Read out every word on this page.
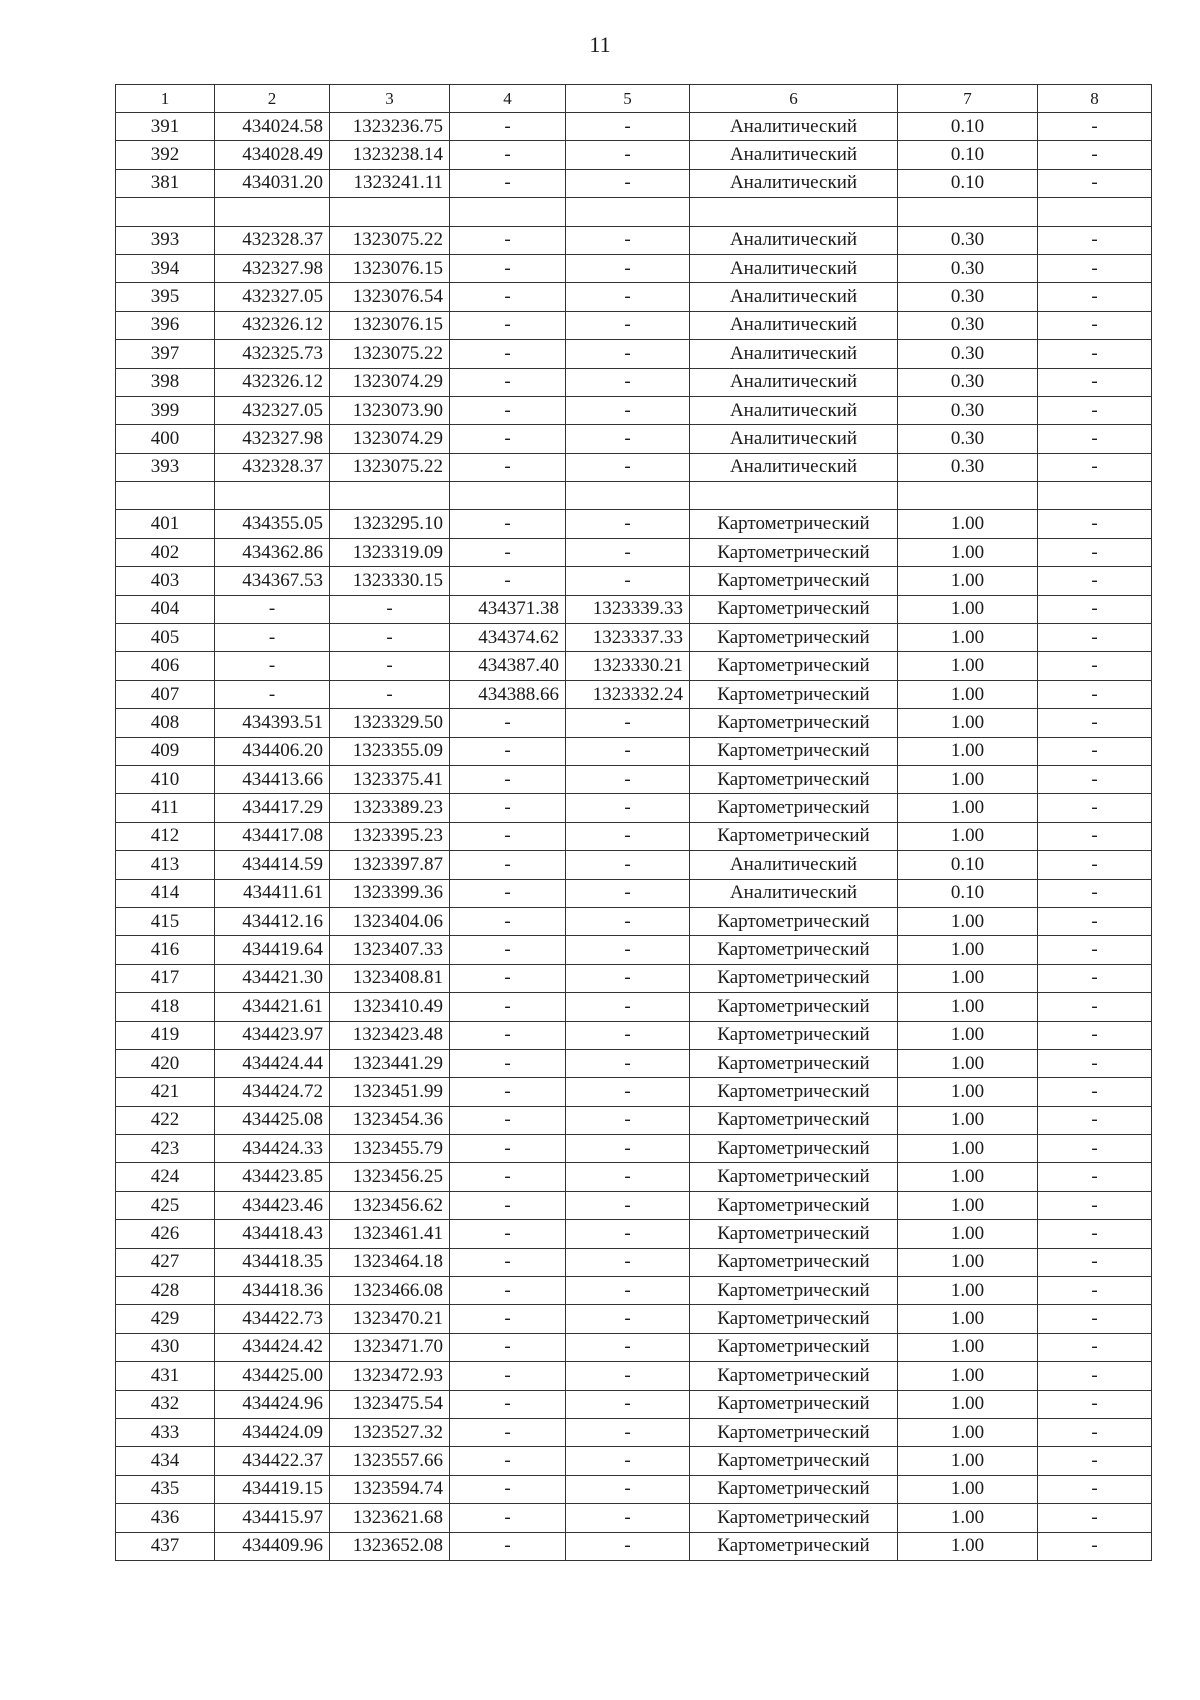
11
1	2	3	4	5	6	7	8
391	434024.58	1323236.75	-	-	Аналитический	0.10	-
392	434028.49	1323238.14	-	-	Аналитический	0.10	-
381	434031.20	1323241.11	-	-	Аналитический	0.10	-

393	432328.37	1323075.22	-	-	Аналитический	0.30	-
394	432327.98	1323076.15	-	-	Аналитический	0.30	-
395	432327.05	1323076.54	-	-	Аналитический	0.30	-
396	432326.12	1323076.15	-	-	Аналитический	0.30	-
397	432325.73	1323075.22	-	-	Аналитический	0.30	-
398	432326.12	1323074.29	-	-	Аналитический	0.30	-
399	432327.05	1323073.90	-	-	Аналитический	0.30	-
400	432327.98	1323074.29	-	-	Аналитический	0.30	-
393	432328.37	1323075.22	-	-	Аналитический	0.30	-

401	434355.05	1323295.10	-	-	Картометрический	1.00	-
402	434362.86	1323319.09	-	-	Картометрический	1.00	-
403	434367.53	1323330.15	-	-	Картометрический	1.00	-
404	-	-	434371.38	1323339.33	Картометрический	1.00	-
405	-	-	434374.62	1323337.33	Картометрический	1.00	-
406	-	-	434387.40	1323330.21	Картометрический	1.00	-
407	-	-	434388.66	1323332.24	Картометрический	1.00	-
408	434393.51	1323329.50	-	-	Картометрический	1.00	-
409	434406.20	1323355.09	-	-	Картометрический	1.00	-
410	434413.66	1323375.41	-	-	Картометрический	1.00	-
411	434417.29	1323389.23	-	-	Картометрический	1.00	-
412	434417.08	1323395.23	-	-	Картометрический	1.00	-
413	434414.59	1323397.87	-	-	Аналитический	0.10	-
414	434411.61	1323399.36	-	-	Аналитический	0.10	-
415	434412.16	1323404.06	-	-	Картометрический	1.00	-
416	434419.64	1323407.33	-	-	Картометрический	1.00	-
417	434421.30	1323408.81	-	-	Картометрический	1.00	-
418	434421.61	1323410.49	-	-	Картометрический	1.00	-
419	434423.97	1323423.48	-	-	Картометрический	1.00	-
420	434424.44	1323441.29	-	-	Картометрический	1.00	-
421	434424.72	1323451.99	-	-	Картометрический	1.00	-
422	434425.08	1323454.36	-	-	Картометрический	1.00	-
423	434424.33	1323455.79	-	-	Картометрический	1.00	-
424	434423.85	1323456.25	-	-	Картометрический	1.00	-
425	434423.46	1323456.62	-	-	Картометрический	1.00	-
426	434418.43	1323461.41	-	-	Картометрический	1.00	-
427	434418.35	1323464.18	-	-	Картометрический	1.00	-
428	434418.36	1323466.08	-	-	Картометрический	1.00	-
429	434422.73	1323470.21	-	-	Картометрический	1.00	-
430	434424.42	1323471.70	-	-	Картометрический	1.00	-
431	434425.00	1323472.93	-	-	Картометрический	1.00	-
432	434424.96	1323475.54	-	-	Картометрический	1.00	-
433	434424.09	1323527.32	-	-	Картометрический	1.00	-
434	434422.37	1323557.66	-	-	Картометрический	1.00	-
435	434419.15	1323594.74	-	-	Картометрический	1.00	-
436	434415.97	1323621.68	-	-	Картометрический	1.00	-
437	434409.96	1323652.08	-	-	Картометрический	1.00	-
